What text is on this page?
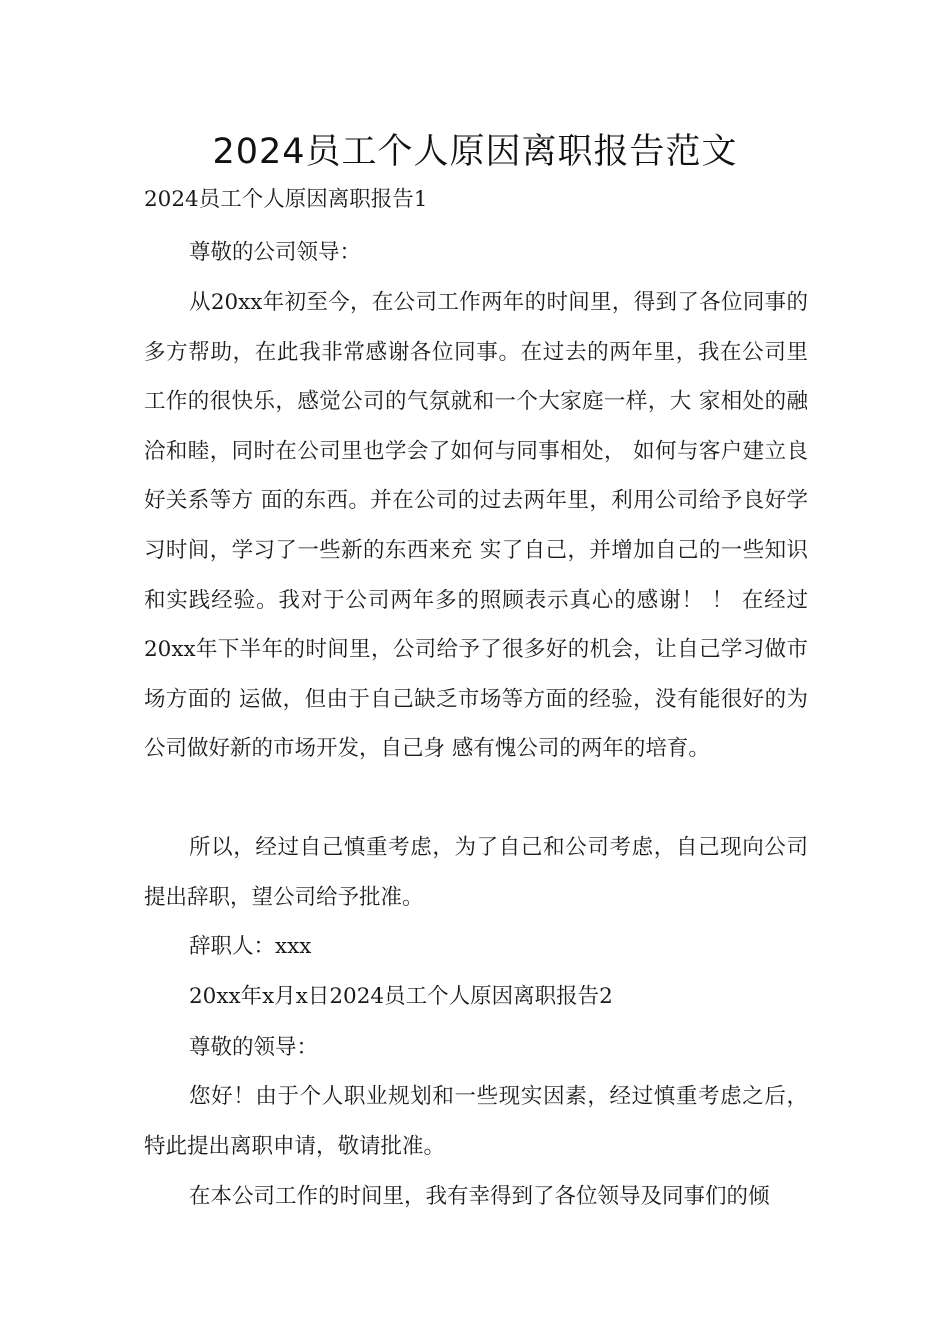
2024员工个人原因离职报告范文

2024员工个人原因离职报告1

尊敬的公司领导：

从20xx年初至今，在公司工作两年的时间里，得到了各位同事的多方帮助，在此我非常感谢各位同事。在过去的两年里，我在公司里工作的很快乐，感觉公司的气氛就和一个大家庭一样，大 家相处的融洽和睦，同时在公司里也学会了如何与同事相处， 如何与客户建立良好关系等方 面的东西。并在公司的过去两年里，利用公司给予良好学习时间，学习了一些新的东西来充 实了自己，并增加自己的一些知识和实践经验。我对于公司两年多的照顾表示真心的感谢！ ！ 在经过 20xx年下半年的时间里，公司给予了很多好的机会，让自己学习做市场方面的 运做，但由于自己缺乏市场等方面的经验，没有能很好的为公司做好新的市场开发，自己身 感有愧公司的两年的培育。

所以，经过自己慎重考虑，为了自己和公司考虑，自己现向公司 提出辞职，望公司给予批准。

辞职人：xxx

20xx年x月x日2024员工个人原因离职报告2

尊敬的领导：

您好！由于个人职业规划和一些现实因素，经过慎重考虑之后，特此提出离职申请，敬请批准。

在本公司工作的时间里，我有幸得到了各位领导及同事们的倾
